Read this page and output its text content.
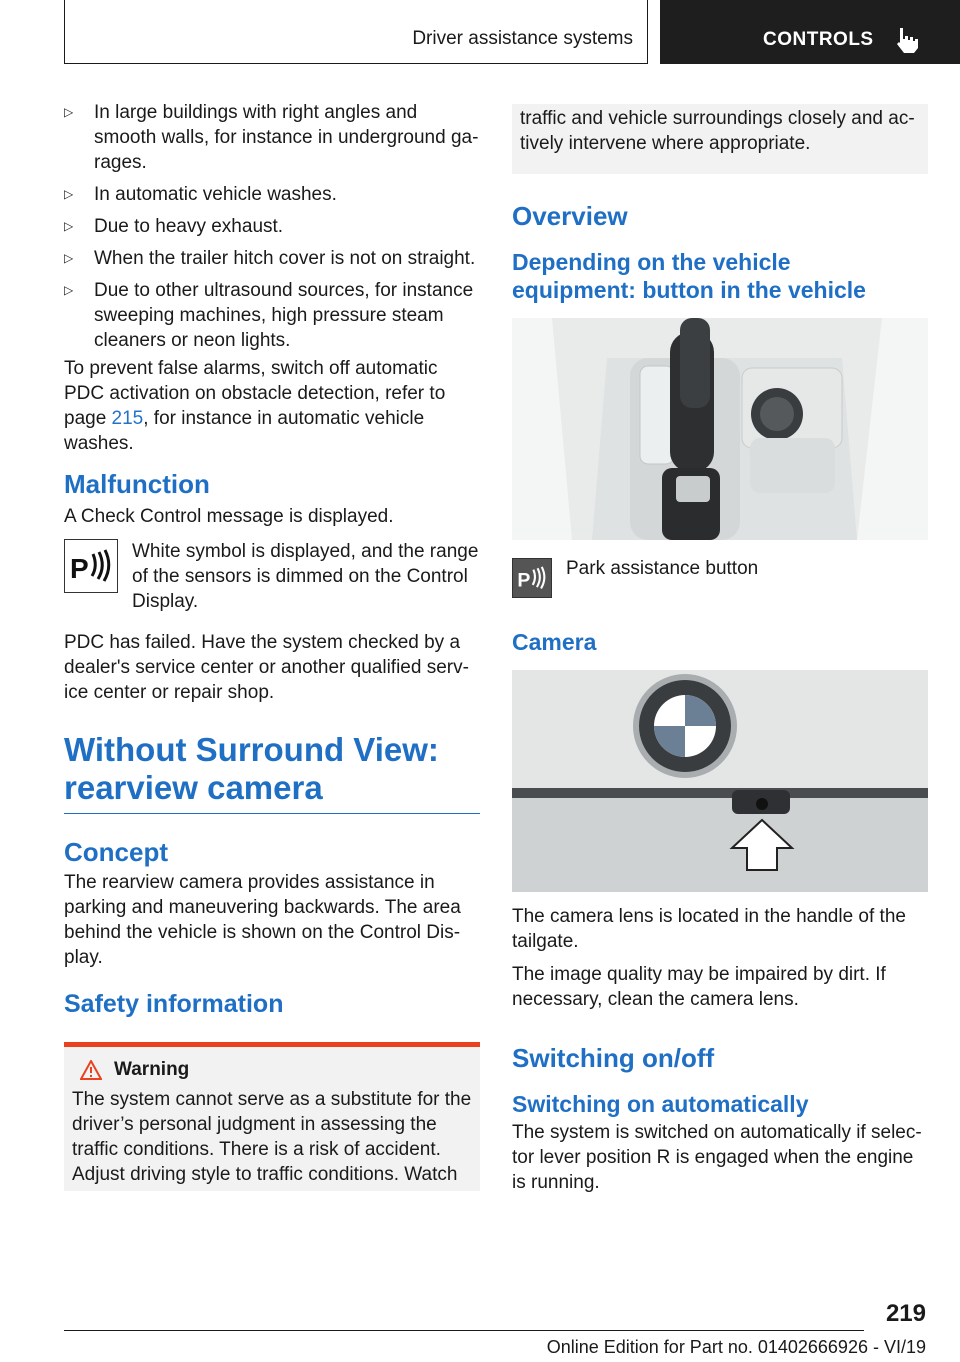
Driver assistance systems	CONTROLS
▷ In large buildings with right angles and smooth walls, for instance in underground ga-rages.
▷ In automatic vehicle washes.
▷ Due to heavy exhaust.
▷ When the trailer hitch cover is not on straight.
▷ Due to other ultrasound sources, for instance sweeping machines, high pressure steam cleaners or neon lights.

To prevent false alarms, switch off automatic PDC activation on obstacle detection, refer to page 215, for instance in automatic vehicle washes.

Malfunction

A Check Control message is displayed.

P

White symbol is displayed, and the range of the sensors is dimmed on the Control Display.

PDC has failed. Have the system checked by a dealer's service center or another qualified serv-ice center or repair shop.

Without Surround View:
rearview camera
Concept

The rearview camera provides assistance in parking and maneuvering backwards. The area behind the vehicle is shown on the Control Dis-play.

Safety information
Warning

The system cannot serve as a substitute for the driver’s personal judgment in assessing the traffic conditions. There is a risk of accident. Adjust driving style to traffic conditions. Watch

traffic and vehicle surroundings closely and ac-tively intervene where appropriate.

Overview
Depending on the vehicle
equipment: button in the vehicle
P

Park assistance button

Camera

The camera lens is located in the handle of the tailgate.

The image quality may be impaired by dirt. If necessary, clean the camera lens.

Switching on/off
Switching on automatically

The system is switched on automatically if selec-tor lever position R is engaged when the engine is running.

219
Online Edition for Part no. 01402666926 - VI/19
